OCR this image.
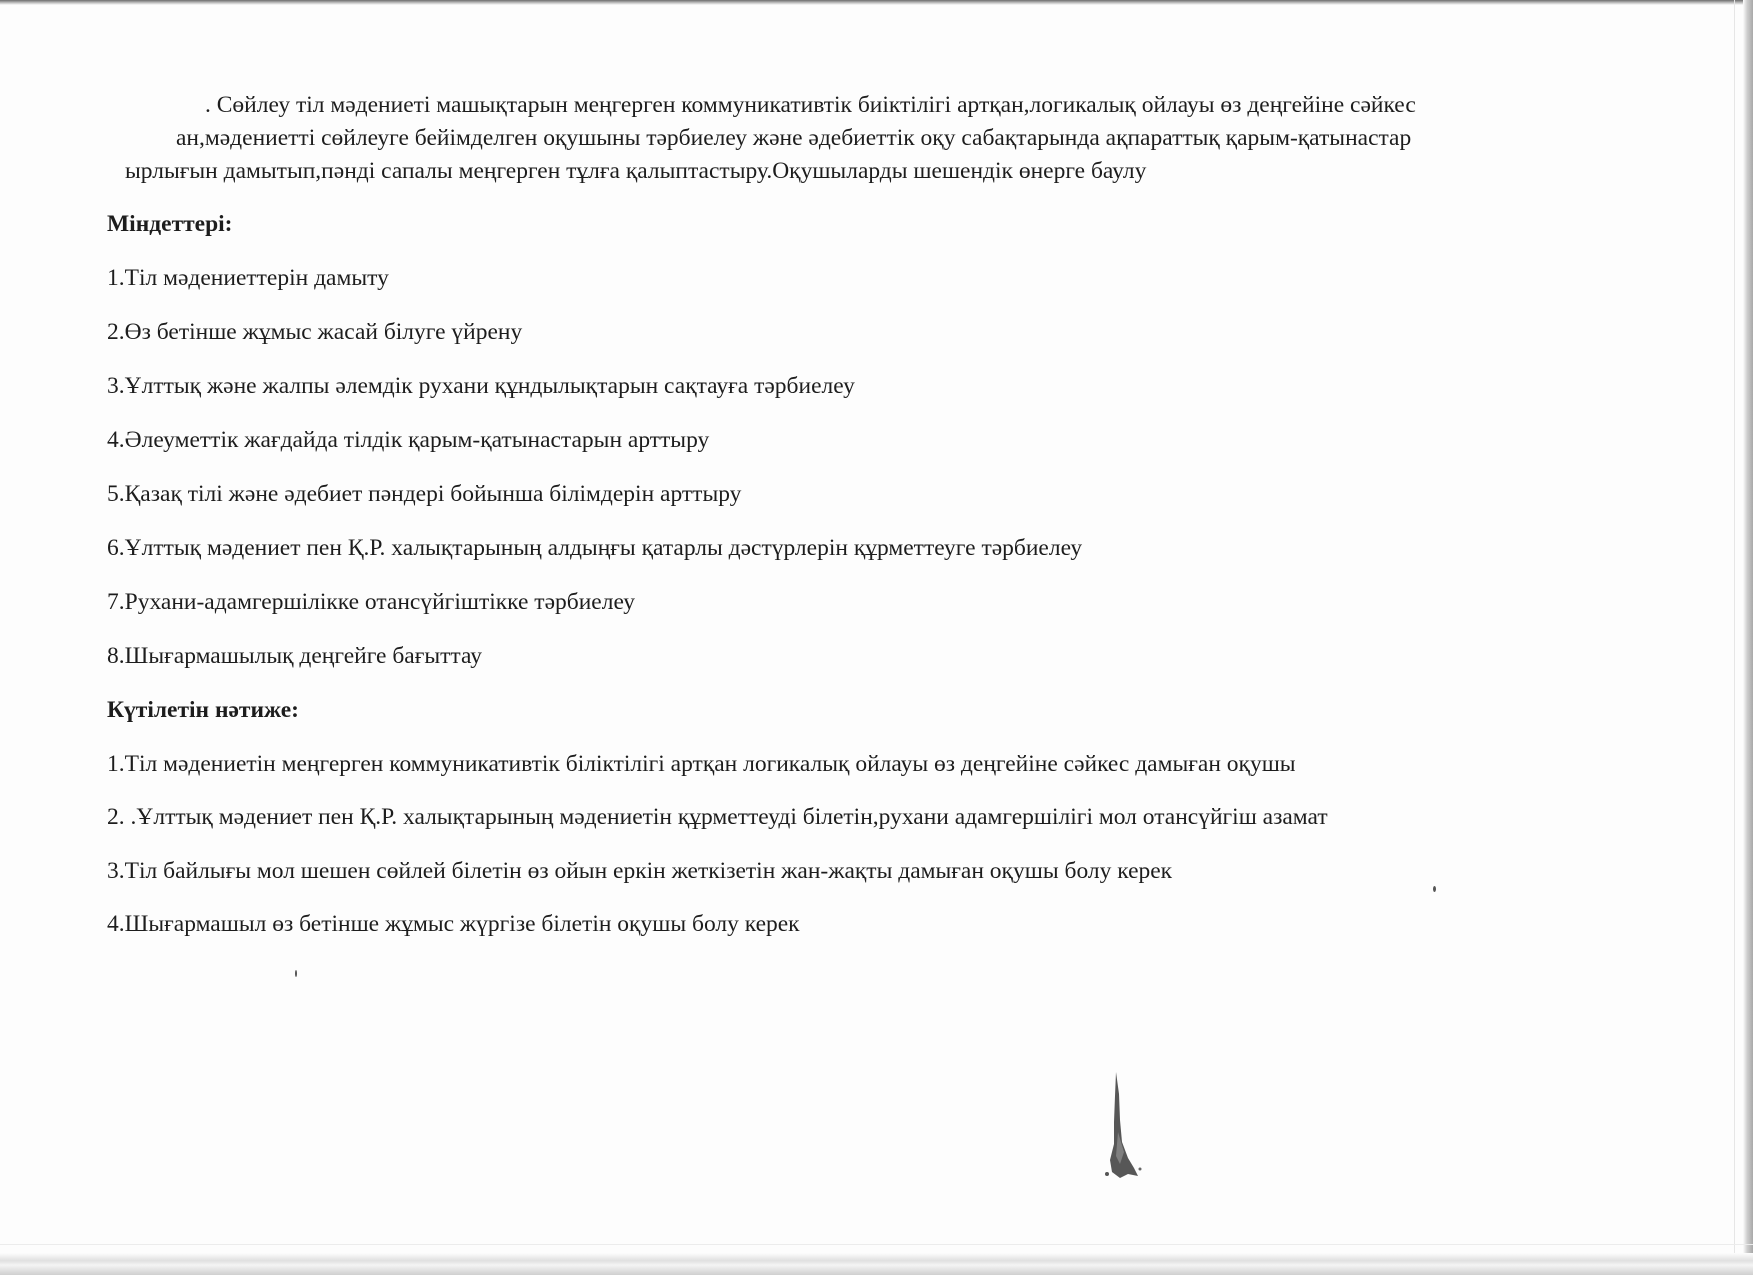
. Сөйлеу тіл мәдениеті машықтарын меңгерген коммуникативтік биіктілігі артқан,логикалық ойлауы өз деңгейіне сәйкес

ан,мәдениетті сөйлеуге бейімделген оқушыны тәрбиелеу және әдебиеттік оқу сабақтарында ақпараттық қарым-қатынастар

ырлығын дамытып,пәнді сапалы меңгерген тұлға қалыптастыру.Оқушыларды шешендік өнерге баулу

Міндеттері:

1.Тіл мәдениеттерін дамыту

2.Өз бетінше жұмыс жасай білуге үйрену

3.Ұлттық және жалпы әлемдік рухани құндылықтарын сақтауға тәрбиелеу

4.Әлеуметтік жағдайда тілдік қарым-қатынастарын арттыру

5.Қазақ тілі және әдебиет пәндері бойынша білімдерін арттыру

6.Ұлттық мәдениет пен Қ.Р. халықтарының алдыңғы қатарлы дәстүрлерін құрметтеуге тәрбиелеу

7.Рухани-адамгершілікке отансүйгіштікке тәрбиелеу

8.Шығармашылық деңгейге бағыттау

Күтілетін нәтиже:

1.Тіл мәдениетін меңгерген коммуникативтік біліктілігі артқан логикалық ойлауы өз деңгейіне сәйкес дамыған оқушы

2. .Ұлттық мәдениет пен Қ.Р. халықтарының мәдениетін құрметтеуді білетін,рухани адамгершілігі мол отансүйгіш азамат

3.Тіл байлығы мол шешен сөйлей білетін өз ойын еркін жеткізетін жан-жақты дамыған оқушы болу керек

4.Шығармашыл өз бетінше жұмыс жүргізе білетін оқушы болу керек
